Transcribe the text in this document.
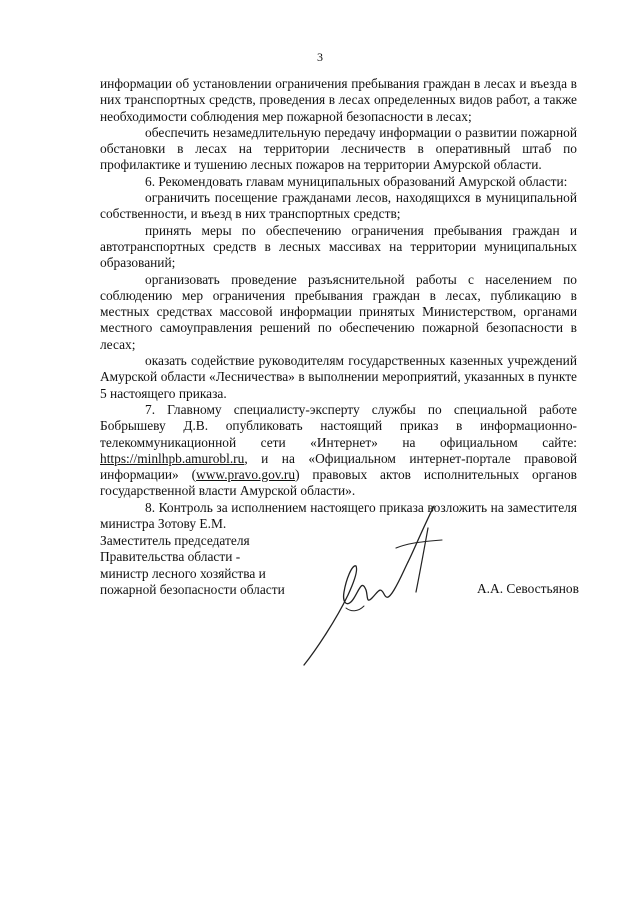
3

информации об установлении ограничения пребывания граждан в лесах и въезда в них транспортных средств, проведения в лесах определенных видов работ, а также необходимости соблюдения мер пожарной безопасности в лесах;

обеспечить незамедлительную передачу информации о развитии пожарной обстановки в лесах на территории лесничеств в оперативный штаб по профилактике и тушению лесных пожаров на территории Амурской области.

6. Рекомендовать главам муниципальных образований Амурской области:

ограничить посещение гражданами лесов, находящихся в муниципальной собственности, и въезд в них транспортных средств;

принять меры по обеспечению ограничения пребывания граждан и автотранспортных средств в лесных массивах на территории муниципальных образований;

организовать проведение разъяснительной работы с населением по соблюдению мер ограничения пребывания граждан в лесах, публикацию в местных средствах массовой информации принятых Министерством, органами местного самоуправления решений по обеспечению пожарной безопасности в лесах;

оказать содействие руководителям государственных казенных учреждений Амурской области «Лесничества» в выполнении мероприятий, указанных в пункте 5 настоящего приказа.

7. Главному специалисту-эксперту службы по специальной работе Бобрышеву Д.В. опубликовать настоящий приказ в информационно-телекоммуникационной сети «Интернет» на официальном сайте: https://minlhpb.amurobl.ru, и на «Официальном интернет-портале правовой информации» (www.pravo.gov.ru) правовых актов исполнительных органов государственной власти Амурской области».

8. Контроль за исполнением настоящего приказа возложить на заместителя министра Зотову Е.М.

Заместитель председателя
Правительства области -
министр лесного хозяйства и
пожарной безопасности области	А.А. Севостьянов
